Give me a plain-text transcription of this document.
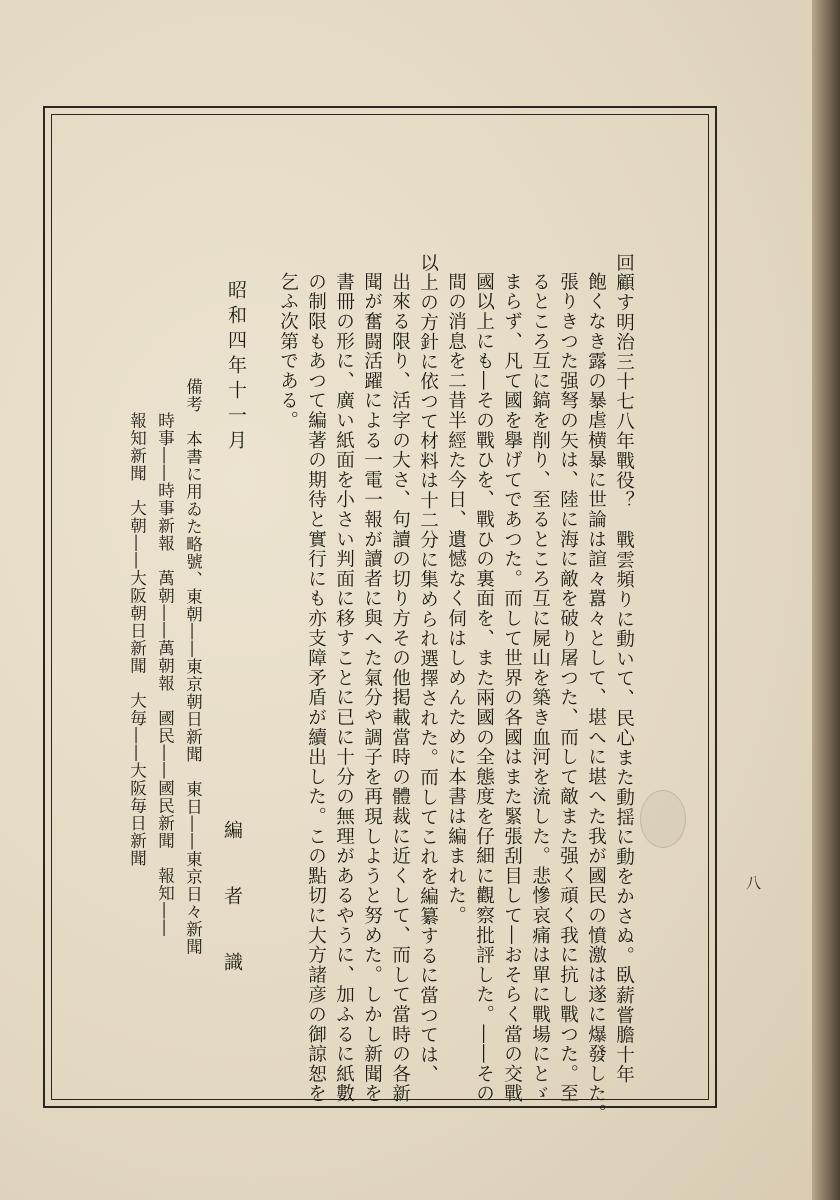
回顧す明治三十七八年戰役？　戰雲頻りに動いて、民心また動揺に動をかさぬ。臥薪嘗膽十年
飽くなき露の暴虐横暴に世論は諠々囂々として、堪へに堪へた我が國民の憤激は遂に爆發した。
張りきつた强弩の矢は、陸に海に敵を破り屠つた、而して敵また强く頑く我に抗し戰つた。至
るところ互に鎬を削り、至るところ互に屍山を築き血河を流した。悲慘哀痛は單に戰場にとゞ
まらず、凡て國を擧げてであつた。而して世界の各國はまた緊張刮目して―おそらく當の交戰
國以上にも―その戰ひを、戰ひの裏面を、また兩國の全態度を仔細に觀察批評した。――その
間の消息を二昔半經た今日、遺憾なく伺はしめんために本書は編まれた。
以上の方針に依つて材料は十二分に集められ選擇された。而してこれを編纂するに當つては、
出來る限り、活字の大さ、句讀の切り方その他掲載當時の體裁に近くして、而して當時の各新
聞が奮闘活躍による一電一報が讀者に與へた氣分や調子を再現しようと努めた。しかし新聞を
書冊の形に、廣い紙面を小さい判面に移すことに已に十分の無理があるやうに、加ふるに紙數
の制限もあつて編著の期待と實行にも亦支障矛盾が續出した。この點切に大方諸彦の御諒恕を
乞ふ次第である。
昭和四年十一月
編　者　識
備考　本書に用ゐた略號、東朝――東京朝日新聞　東日――東京日々新聞
時事――時事新報　萬朝――萬朝報　國民――國民新聞　報知――
報知新聞　大朝――大阪朝日新聞　大毎――大阪毎日新聞
八
